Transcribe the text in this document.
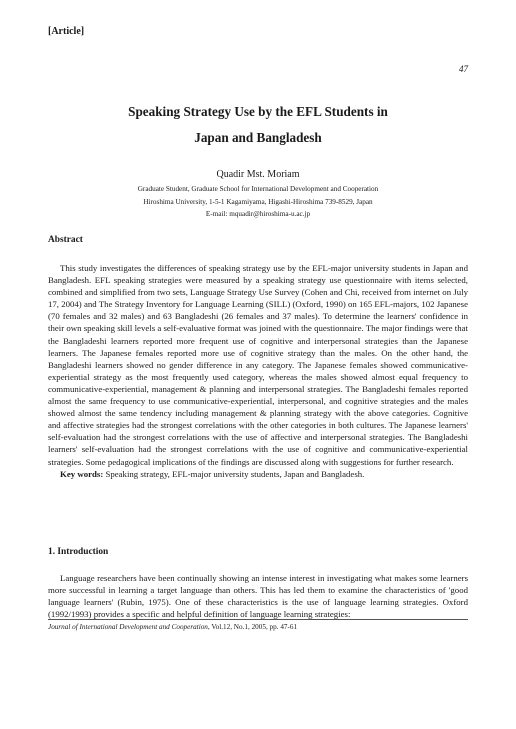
[Article]
47
Speaking Strategy Use by the EFL Students in
Japan and Bangladesh
Quadir Mst. Moriam
Graduate Student, Graduate School for International Development and Cooperation
Hiroshima University, 1-5-1 Kagamiyama, Higashi-Hiroshima 739-8529, Japan
E-mail: mquadir@hiroshima-u.ac.jp
Abstract

This study investigates the differences of speaking strategy use by the EFL-major university students in Japan and Bangladesh. EFL speaking strategies were measured by a speaking strategy use questionnaire with items selected, combined and simplified from two sets, Language Strategy Use Survey (Cohen and Chi, received from internet on July 17, 2004) and The Strategy Inventory for Language Learning (SILL) (Oxford, 1990) on 165 EFL-majors, 102 Japanese (70 females and 32 males) and 63 Bangladeshi (26 females and 37 males). To determine the learners' confidence in their own speaking skill levels a self-evaluative format was joined with the questionnaire. The major findings were that the Bangladeshi learners reported more frequent use of cognitive and interpersonal strategies than the Japanese learners. The Japanese females reported more use of cognitive strategy than the males. On the other hand, the Bangladeshi learners showed no gender difference in any category. The Japanese females showed communicative-experiential strategy as the most frequently used category, whereas the males showed almost equal frequency to communicative-experiential, management & planning and interpersonal strategies. The Bangladeshi females reported almost the same frequency to use communicative-experiential, interpersonal, and cognitive strategies and the males showed almost the same tendency including management & planning strategy with the above categories. Cognitive and affective strategies had the strongest correlations with the other categories in both cultures. The Japanese learners' self-evaluation had the strongest correlations with the use of affective and interpersonal strategies. The Bangladeshi learners' self-evaluation had the strongest correlations with the use of cognitive and communicative-experiential strategies. Some pedagogical implications of the findings are discussed along with suggestions for further research.

Key words: Speaking strategy, EFL-major university students, Japan and Bangladesh.

1. Introduction

Language researchers have been continually showing an intense interest in investigating what makes some learners more successful in learning a target language than others. This has led them to examine the characteristics of 'good language learners' (Rubin, 1975). One of these characteristics is the use of language learning strategies. Oxford (1992/1993) provides a specific and helpful definition of language learning strategies:

Journal of International Development and Cooperation, Vol.12, No.1, 2005, pp. 47-61
